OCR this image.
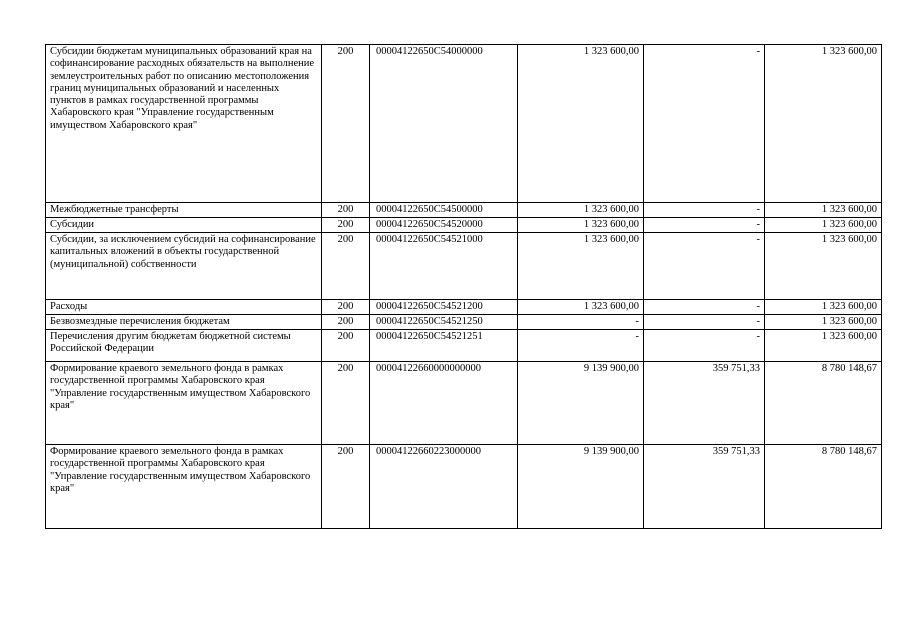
Субсидии бюджетам муниципальных образований края на софинансирование расходных обязательств на выполнение землеустроительных работ по описанию местоположения границ муниципальных образований и населенных пунктов в рамках государственной программы Хабаровского края "Управление государственным имуществом Хабаровского края"	200	00004122650C54000000	1 323 600,00	-	1 323 600,00
Межбюджетные трансферты	200	00004122650C54500000	1 323 600,00	-	1 323 600,00
Субсидии	200	00004122650C54520000	1 323 600,00	-	1 323 600,00
Субсидии, за исключением субсидий на софинансирование капитальных вложений в объекты государственной (муниципальной) собственности	200	00004122650C54521000	1 323 600,00	-	1 323 600,00
Расходы	200	00004122650C54521200	1 323 600,00	-	1 323 600,00
Безвозмездные перечисления бюджетам	200	00004122650C54521250	-	-	1 323 600,00
Перечисления другим бюджетам бюджетной системы Российской Федерации	200	00004122650C54521251	-	-	1 323 600,00
Формирование краевого земельного фонда в рамках государственной программы Хабаровского края "Управление государственным имуществом Хабаровского края"	200	00004122660000000000	9 139 900,00	359 751,33	8 780 148,67
Формирование краевого земельного фонда в рамках государственной программы Хабаровского края "Управление государственным имуществом Хабаровского края"	200	00004122660223000000	9 139 900,00	359 751,33	8 780 148,67
